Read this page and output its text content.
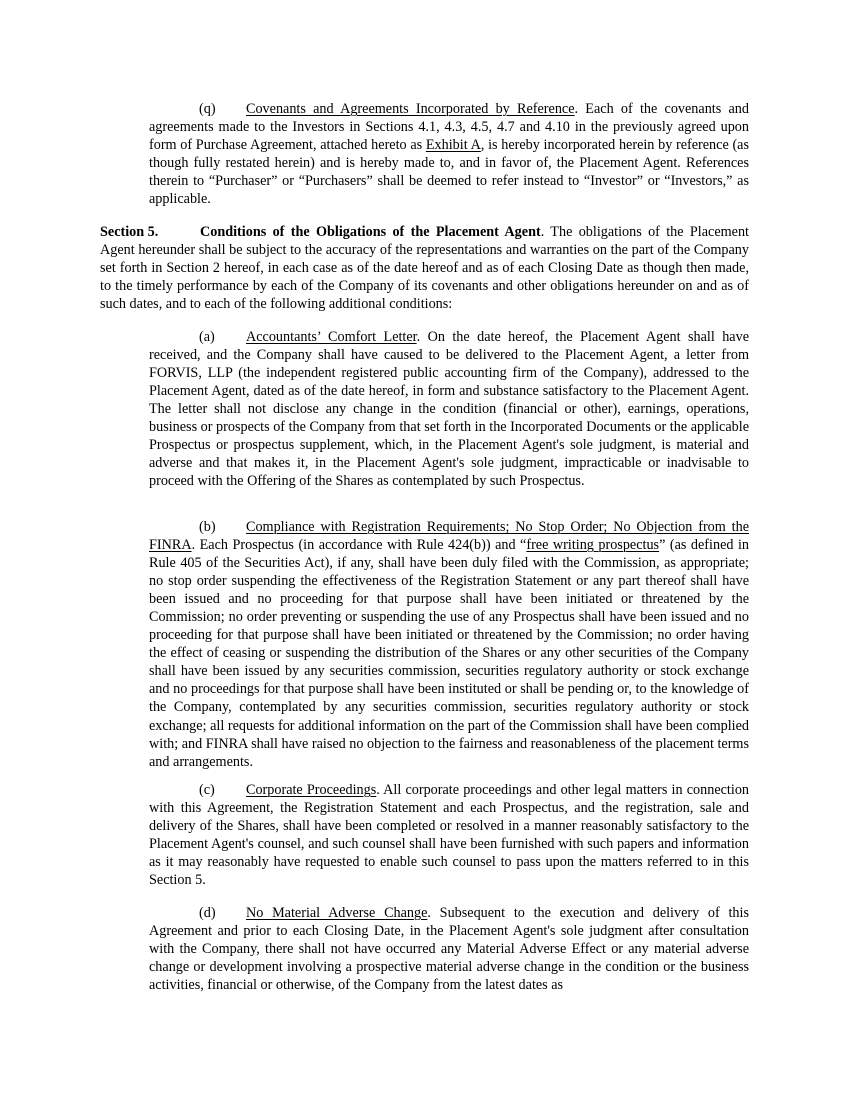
(q) Covenants and Agreements Incorporated by Reference. Each of the covenants and agreements made to the Investors in Sections 4.1, 4.3, 4.5, 4.7 and 4.10 in the previously agreed upon form of Purchase Agreement, attached hereto as Exhibit A, is hereby incorporated herein by reference (as though fully restated herein) and is hereby made to, and in favor of, the Placement Agent. References therein to “Purchaser” or “Purchasers” shall be deemed to refer instead to “Investor” or “Investors,” as applicable.

Section 5.	Conditions of the Obligations of the Placement Agent. The obligations of the Placement Agent hereunder shall be subject to the accuracy of the representations and warranties on the part of the Company set forth in Section 2 hereof, in each case as of the date hereof and as of each Closing Date as though then made, to the timely performance by each of the Company of its covenants and other obligations hereunder on and as of such dates, and to each of the following additional conditions:

(a) Accountants’ Comfort Letter. On the date hereof, the Placement Agent shall have received, and the Company shall have caused to be delivered to the Placement Agent, a letter from FORVIS, LLP (the independent registered public accounting firm of the Company), addressed to the Placement Agent, dated as of the date hereof, in form and substance satisfactory to the Placement Agent. The letter shall not disclose any change in the condition (financial or other), earnings, operations, business or prospects of the Company from that set forth in the Incorporated Documents or the applicable Prospectus or prospectus supplement, which, in the Placement Agent's sole judgment, is material and adverse and that makes it, in the Placement Agent's sole judgment, impracticable or inadvisable to proceed with the Offering of the Shares as contemplated by such Prospectus.

(b) Compliance with Registration Requirements; No Stop Order; No Objection from the FINRA. Each Prospectus (in accordance with Rule 424(b)) and “free writing prospectus” (as defined in Rule 405 of the Securities Act), if any, shall have been duly filed with the Commission, as appropriate; no stop order suspending the effectiveness of the Registration Statement or any part thereof shall have been issued and no proceeding for that purpose shall have been initiated or threatened by the Commission; no order preventing or suspending the use of any Prospectus shall have been issued and no proceeding for that purpose shall have been initiated or threatened by the Commission; no order having the effect of ceasing or suspending the distribution of the Shares or any other securities of the Company shall have been issued by any securities commission, securities regulatory authority or stock exchange and no proceedings for that purpose shall have been instituted or shall be pending or, to the knowledge of the Company, contemplated by any securities commission, securities regulatory authority or stock exchange; all requests for additional information on the part of the Commission shall have been complied with; and FINRA shall have raised no objection to the fairness and reasonableness of the placement terms and arrangements.

(c) Corporate Proceedings. All corporate proceedings and other legal matters in connection with this Agreement, the Registration Statement and each Prospectus, and the registration, sale and delivery of the Shares, shall have been completed or resolved in a manner reasonably satisfactory to the Placement Agent's counsel, and such counsel shall have been furnished with such papers and information as it may reasonably have requested to enable such counsel to pass upon the matters referred to in this Section 5.

(d) No Material Adverse Change. Subsequent to the execution and delivery of this Agreement and prior to each Closing Date, in the Placement Agent's sole judgment after consultation with the Company, there shall not have occurred any Material Adverse Effect or any material adverse change or development involving a prospective material adverse change in the condition or the business activities, financial or otherwise, of the Company from the latest dates as
